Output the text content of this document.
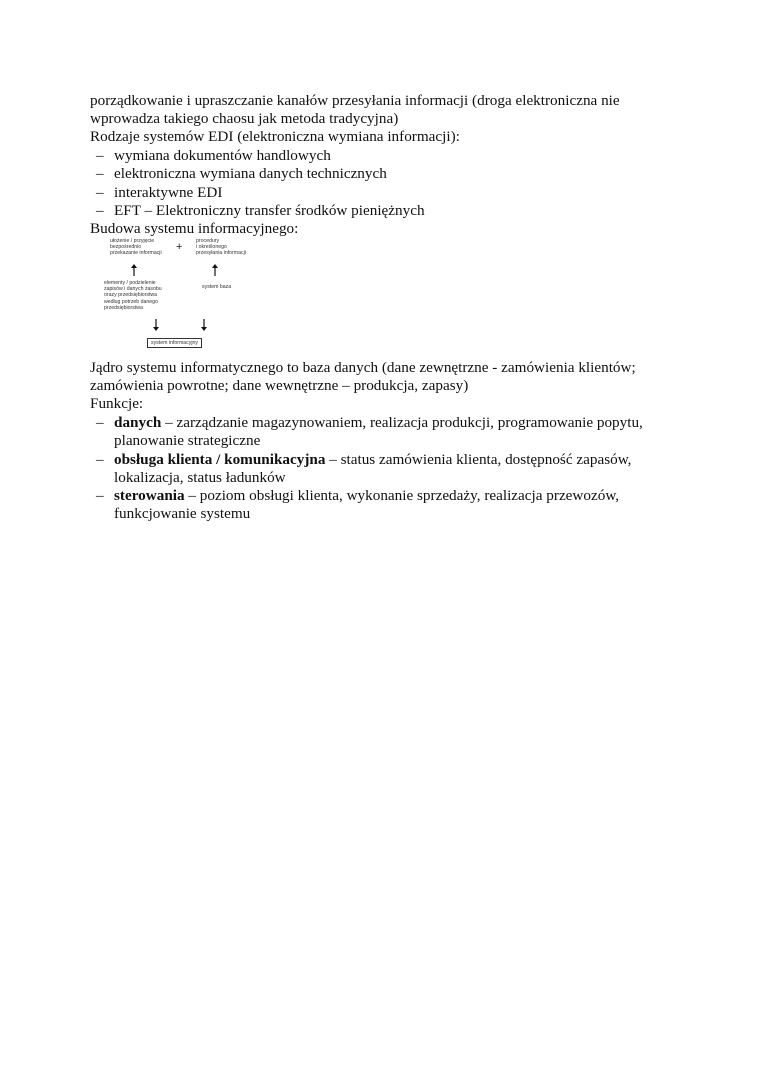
porządkowanie i upraszczanie kanałów przesyłania informacji (droga elektroniczna nie
wprowadza takiego chaosu jak metoda tradycyjna)
Rodzaje systemów EDI (elektroniczna wymiana informacji):
– wymiana dokumentów handlowych
– elektroniczna wymiana danych technicznych
– interaktywne EDI
– EFT – Elektroniczny transfer środków pieniężnych
Budowa systemu informacyjnego:
ułożenie / przyjęcie
bezpośrednio
przekazanie informacji
+	procedury
i określonego
przesyłania informacji
elementy / podzielenie
zapisów i danych zasobu
orazy przedsiębiorstwa
według potrzeb danego
przedsiębiorstwa
system baza
system informacyjny
Jądro systemu informatycznego to baza danych (dane zewnętrzne - zamówienia klientów;
zamówienia powrotne; dane wewnętrzne – produkcja, zapasy)
Funkcje:
– danych – zarządzanie magazynowaniem, realizacja produkcji, programowanie popytu,
planowanie strategiczne
– obsługa klienta / komunikacyjna – status zamówienia klienta, dostępność zapasów,
lokalizacja, status ładunków
– sterowania – poziom obsługi klienta, wykonanie sprzedaży, realizacja przewozów,
funkcjowanie systemu
